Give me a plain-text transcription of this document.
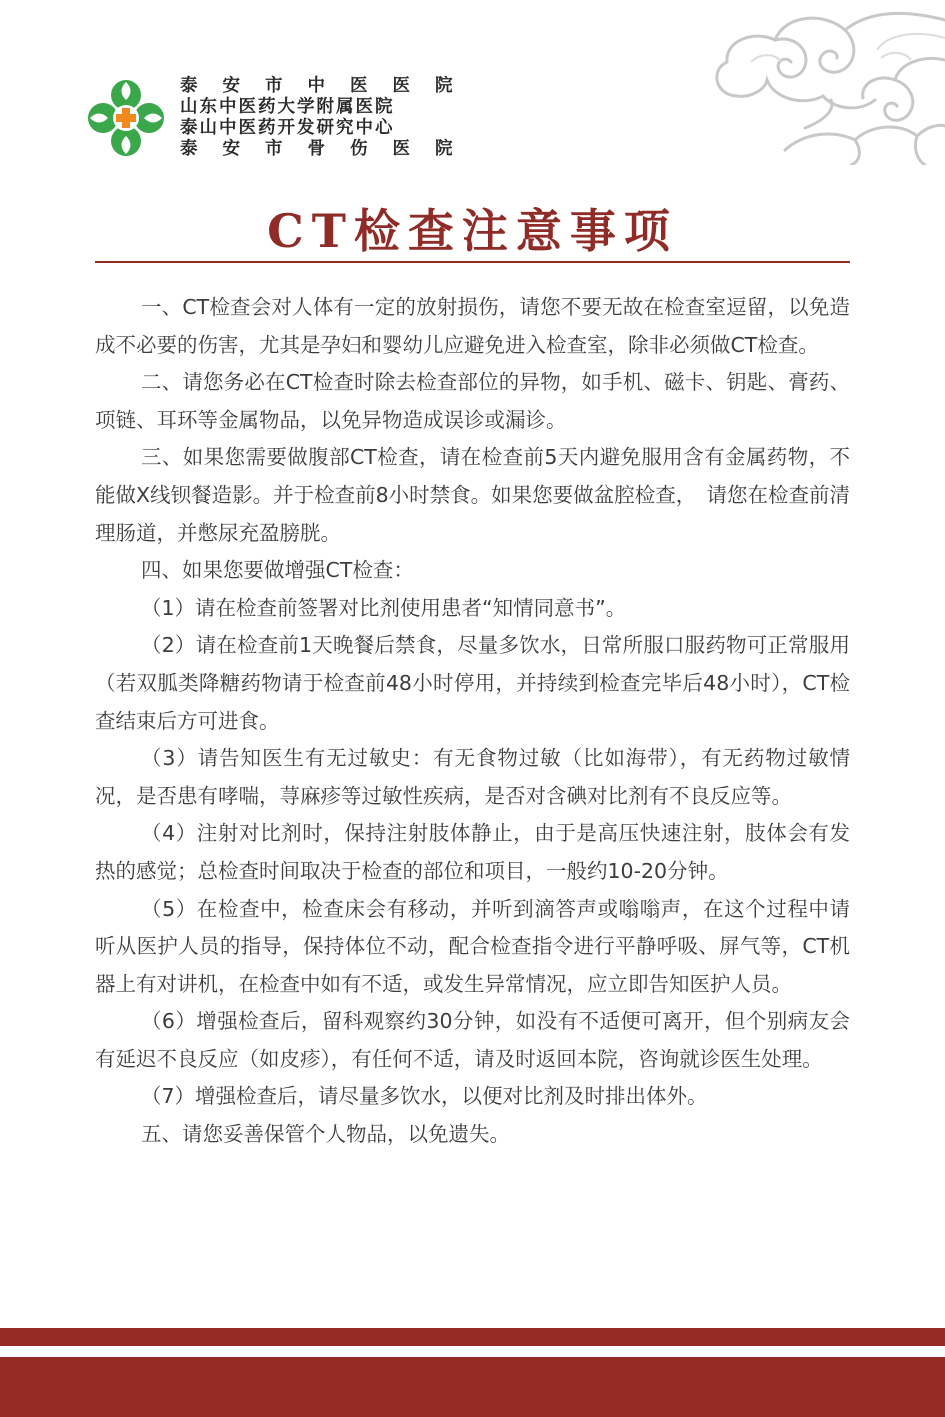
泰安市中医医院
山东中医药大学附属医院
泰山中医药开发研究中心
泰安市骨伤医院
CT检查注意事项

一、CT检查会对人体有一定的放射损伤，请您不要无故在检查室逗留，以免造成不必要的伤害，尤其是孕妇和婴幼儿应避免进入检查室，除非必须做CT检查。

二、请您务必在CT检查时除去检查部位的异物，如手机、磁卡、钥匙、膏药、项链、耳环等金属物品，以免异物造成误诊或漏诊。

三、如果您需要做腹部CT检查，请在检查前5天内避免服用含有金属药物，不能做X线钡餐造影。并于检查前8小时禁食。如果您要做盆腔检查，　请您在检查前清理肠道，并憋尿充盈膀胱。

四、如果您要做增强CT检查：

（1）请在检查前签署对比剂使用患者“知情同意书”。

（2）请在检查前1天晚餐后禁食，尽量多饮水，日常所服口服药物可正常服用（若双胍类降糖药物请于检查前48小时停用，并持续到检查完毕后48小时），CT检查结束后方可进食。

（3）请告知医生有无过敏史：有无食物过敏（比如海带），有无药物过敏情况，是否患有哮喘，荨麻疹等过敏性疾病，是否对含碘对比剂有不良反应等。

（4）注射对比剂时，保持注射肢体静止，由于是高压快速注射，肢体会有发热的感觉；总检查时间取决于检查的部位和项目，一般约10-20分钟。

（5）在检查中，检查床会有移动，并听到滴答声或嗡嗡声，在这个过程中请听从医护人员的指导，保持体位不动，配合检查指令进行平静呼吸、屏气等，CT机器上有对讲机，在检查中如有不适，或发生异常情况，应立即告知医护人员。

（6）增强检查后，留科观察约30分钟，如没有不适便可离开，但个别病友会有延迟不良反应（如皮疹），有任何不适，请及时返回本院，咨询就诊医生处理。

（7）增强检查后，请尽量多饮水，以便对比剂及时排出体外。

五、请您妥善保管个人物品，以免遗失。
